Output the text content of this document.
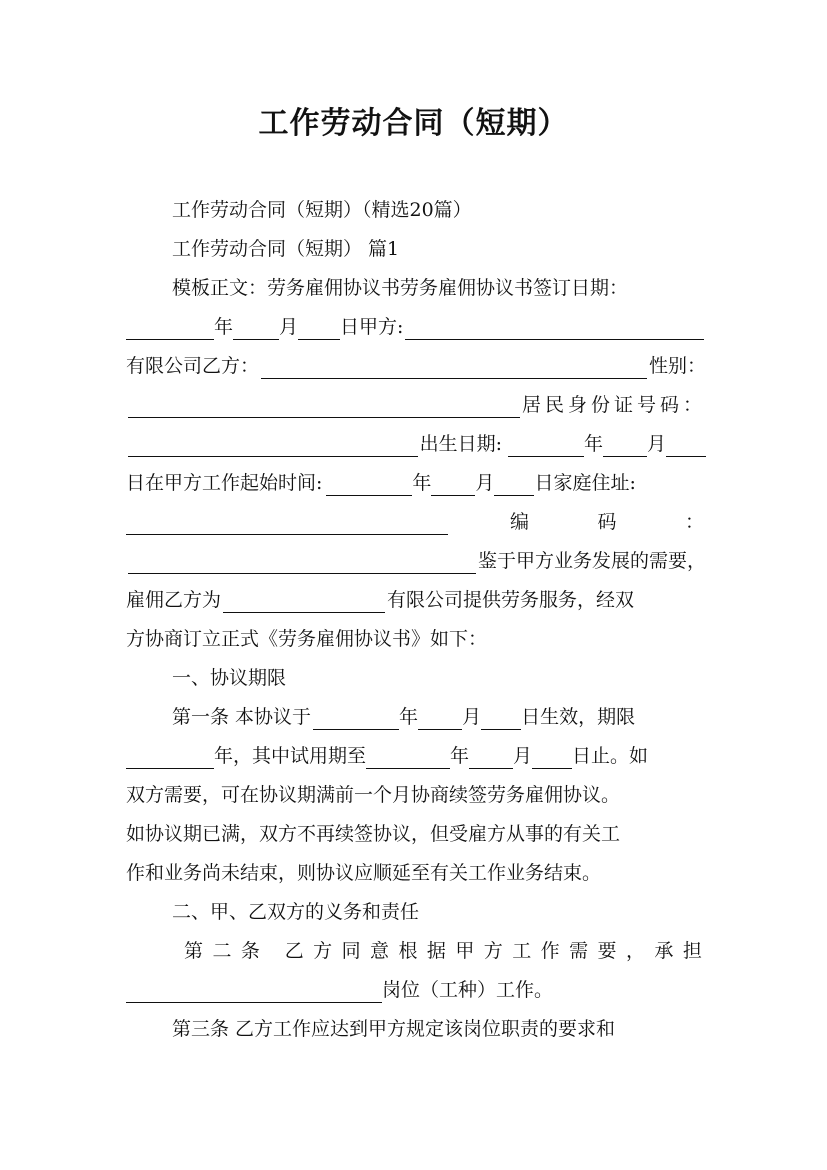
工作劳动合同（短期）
工作劳动合同（短期）（精选20篇）
工作劳动合同（短期） 篇1
模板正文：劳务雇佣协议书劳务雇佣协议书签订日期：
年 月 日甲方:
有限公司乙方：	性别：
居民身份证号码：
出生日期:	年 月
日在甲方工作起始时间:	年 月 日家庭住址:
编	码	：
鉴于甲方业务发展的需要，
雇佣乙方为	有限公司提供劳务服务，经双
方协商订立正式《劳务雇佣协议书》如下：
一、协议期限
第一条 本协议于	年 月 日生效，期限
年，其中试用期至	年 月 日止。如
双方需要，可在协议期满前一个月协商续签劳务雇佣协议。
如协议期已满，双方不再续签协议，但受雇方从事的有关工
作和业务尚未结束，则协议应顺延至有关工作业务结束。
二、甲、乙双方的义务和责任
第 二 条 乙 方 同 意 根 据 甲 方 工 作 需 要 ， 承 担
岗位（工种）工作。
第三条 乙方工作应达到甲方规定该岗位职责的要求和
